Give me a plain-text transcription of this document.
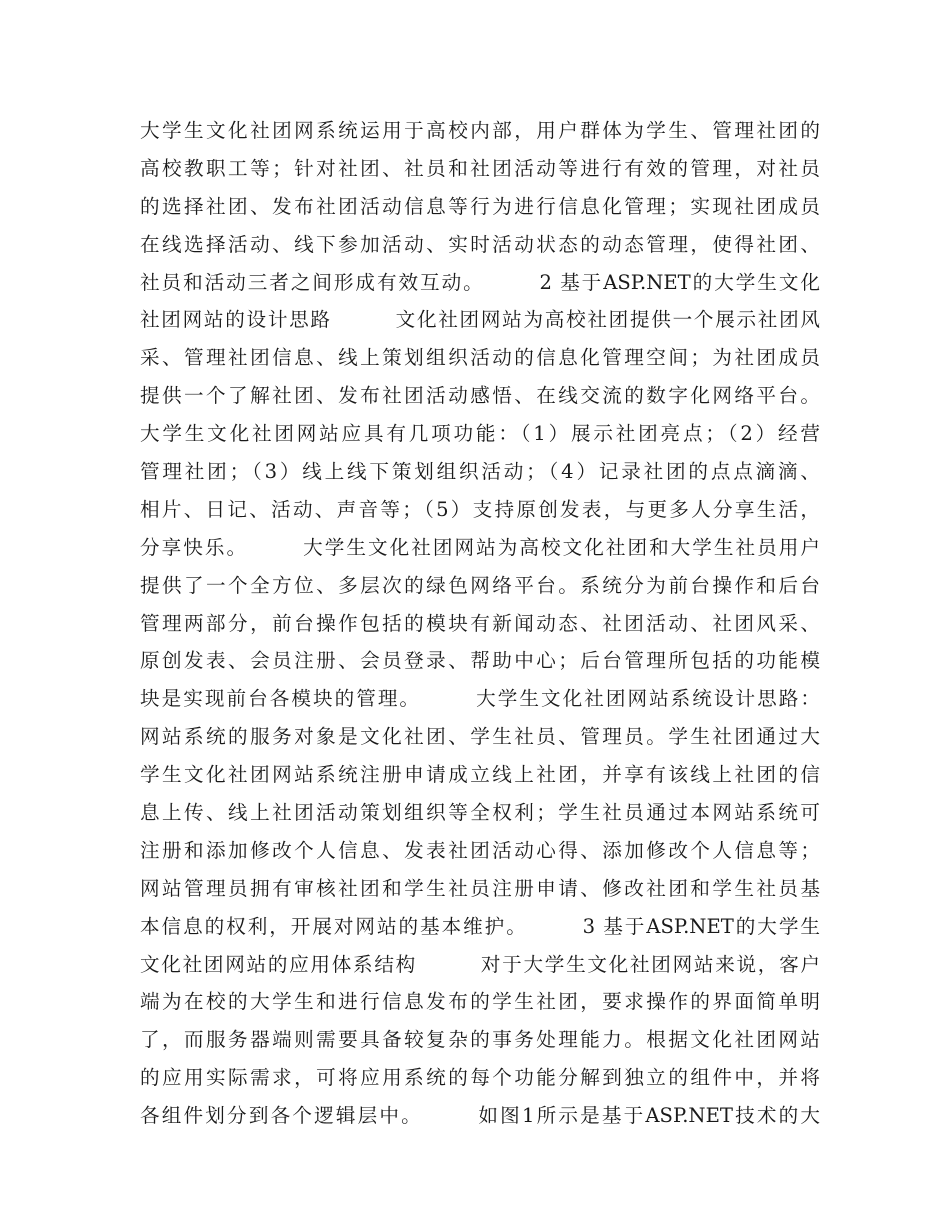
大学生文化社团网系统运用于高校内部，用户群体为学生、管理社团的
高校教职工等；针对社团、社员和社团活动等进行有效的管理，对社员
的选择社团、发布社团活动信息等行为进行信息化管理；实现社团成员
在线选择活动、线下参加活动、实时活动状态的动态管理，使得社团、
社员和活动三者之间形成有效互动。　　　2 基于ASP.NET的大学生文化
社团网站的设计思路　　　文化社团网站为高校社团提供一个展示社团风
采、管理社团信息、线上策划组织活动的信息化管理空间；为社团成员
提供一个了解社团、发布社团活动感悟、在线交流的数字化网络平台。
大学生文化社团网站应具有几项功能：（1）展示社团亮点；（2）经营
管理社团；（3）线上线下策划组织活动；（4）记录社团的点点滴滴、
相片、日记、活动、声音等；（5）支持原创发表，与更多人分享生活，
分享快乐。　　　大学生文化社团网站为高校文化社团和大学生社员用户
提供了一个全方位、多层次的绿色网络平台。系统分为前台操作和后台
管理两部分，前台操作包括的模块有新闻动态、社团活动、社团风采、
原创发表、会员注册、会员登录、帮助中心；后台管理所包括的功能模
块是实现前台各模块的管理。　　　大学生文化社团网站系统设计思路：
网站系统的服务对象是文化社团、学生社员、管理员。学生社团通过大
学生文化社团网站系统注册申请成立线上社团，并享有该线上社团的信
息上传、线上社团活动策划组织等全权利；学生社员通过本网站系统可
注册和添加修改个人信息、发表社团活动心得、添加修改个人信息等；
网站管理员拥有审核社团和学生社员注册申请、修改社团和学生社员基
本信息的权利，开展对网站的基本维护。　　　3 基于ASP.NET的大学生
文化社团网站的应用体系结构　　　对于大学生文化社团网站来说，客户
端为在校的大学生和进行信息发布的学生社团，要求操作的界面简单明
了，而服务器端则需要具备较复杂的事务处理能力。根据文化社团网站
的应用实际需求，可将应用系统的每个功能分解到独立的组件中，并将
各组件划分到各个逻辑层中。　　　如图1所示是基于ASP.NET技术的大
